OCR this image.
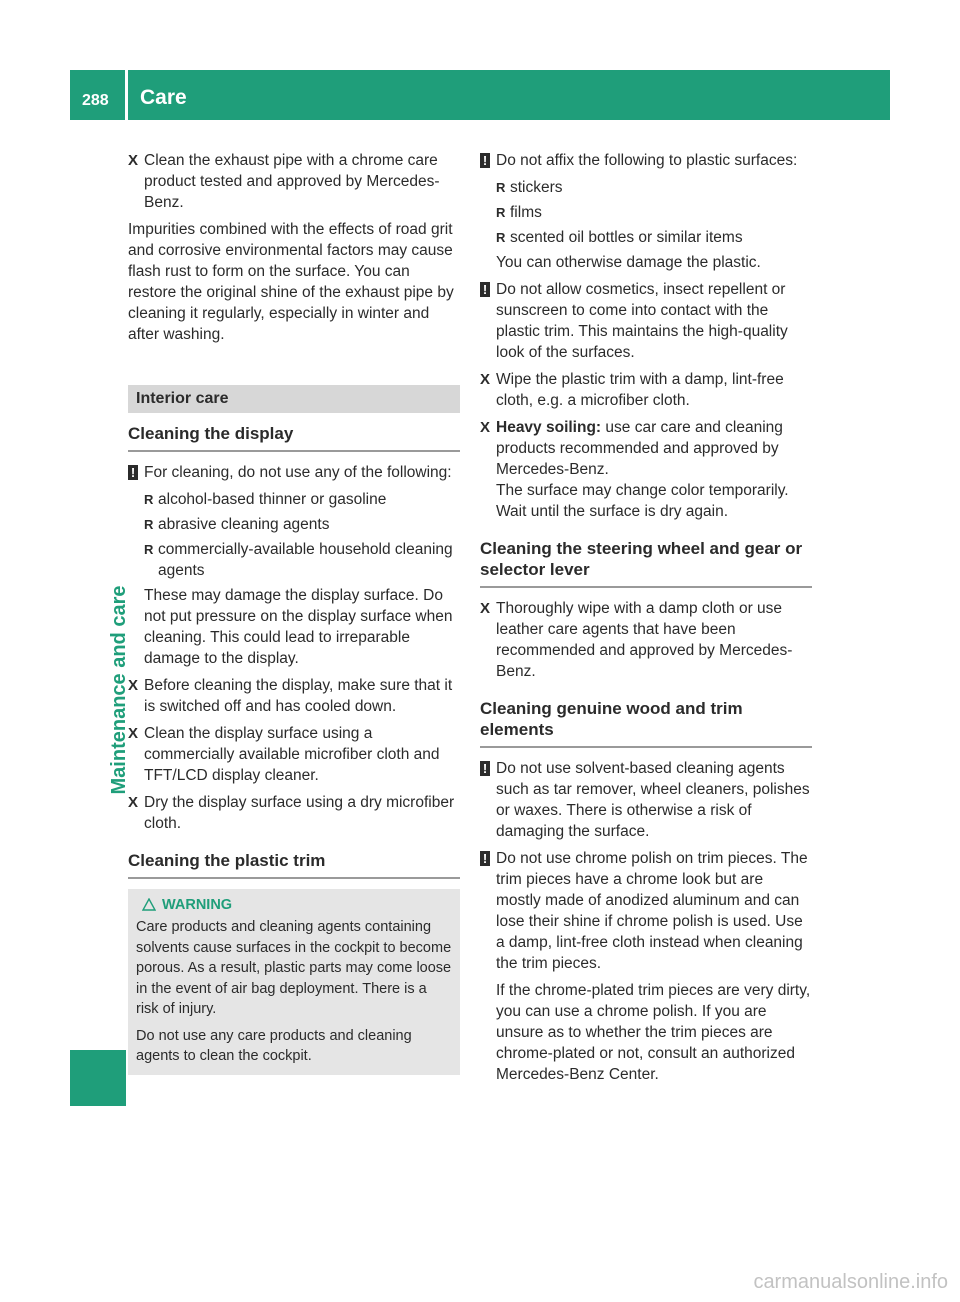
288 Care
Maintenance and care
X Clean the exhaust pipe with a chrome care product tested and approved by Mercedes-Benz.

Impurities combined with the effects of road grit and corrosive environmental factors may cause flash rust to form on the surface. You can restore the original shine of the exhaust pipe by cleaning it regularly, especially in winter and after washing.

Interior care
Cleaning the display
! For cleaning, do not use any of the following:
R alcohol-based thinner or gasoline
R abrasive cleaning agents
R commercially-available household cleaning agents

These may damage the display surface. Do not put pressure on the display surface when cleaning. This could lead to irreparable damage to the display.

X Before cleaning the display, make sure that it is switched off and has cooled down.
X Clean the display surface using a commercially available microfiber cloth and TFT/LCD display cleaner.
X Dry the display surface using a dry microfiber cloth.
Cleaning the plastic trim
WARNING

Care products and cleaning agents containing solvents cause surfaces in the cockpit to become porous. As a result, plastic parts may come loose in the event of air bag deployment. There is a risk of injury.

Do not use any care products and cleaning agents to clean the cockpit.

! Do not affix the following to plastic surfaces:
R stickers
R films
R scented oil bottles or similar items

You can otherwise damage the plastic.

! Do not allow cosmetics, insect repellent or sunscreen to come into contact with the plastic trim. This maintains the high-quality look of the surfaces.
X Wipe the plastic trim with a damp, lint-free cloth, e.g. a microfiber cloth.
X Heavy soiling: use car care and cleaning products recommended and approved by Mercedes-Benz.
The surface may change color temporarily. Wait until the surface is dry again.
Cleaning the steering wheel and gear or selector lever
X Thoroughly wipe with a damp cloth or use leather care agents that have been recommended and approved by Mercedes-Benz.
Cleaning genuine wood and trim elements
! Do not use solvent-based cleaning agents such as tar remover, wheel cleaners, polishes or waxes. There is otherwise a risk of damaging the surface.
! Do not use chrome polish on trim pieces. The trim pieces have a chrome look but are mostly made of anodized aluminum and can lose their shine if chrome polish is used. Use a damp, lint-free cloth instead when cleaning the trim pieces.

If the chrome-plated trim pieces are very dirty, you can use a chrome polish. If you are unsure as to whether the trim pieces are chrome-plated or not, consult an authorized Mercedes-Benz Center.

carmanualsonline.info
